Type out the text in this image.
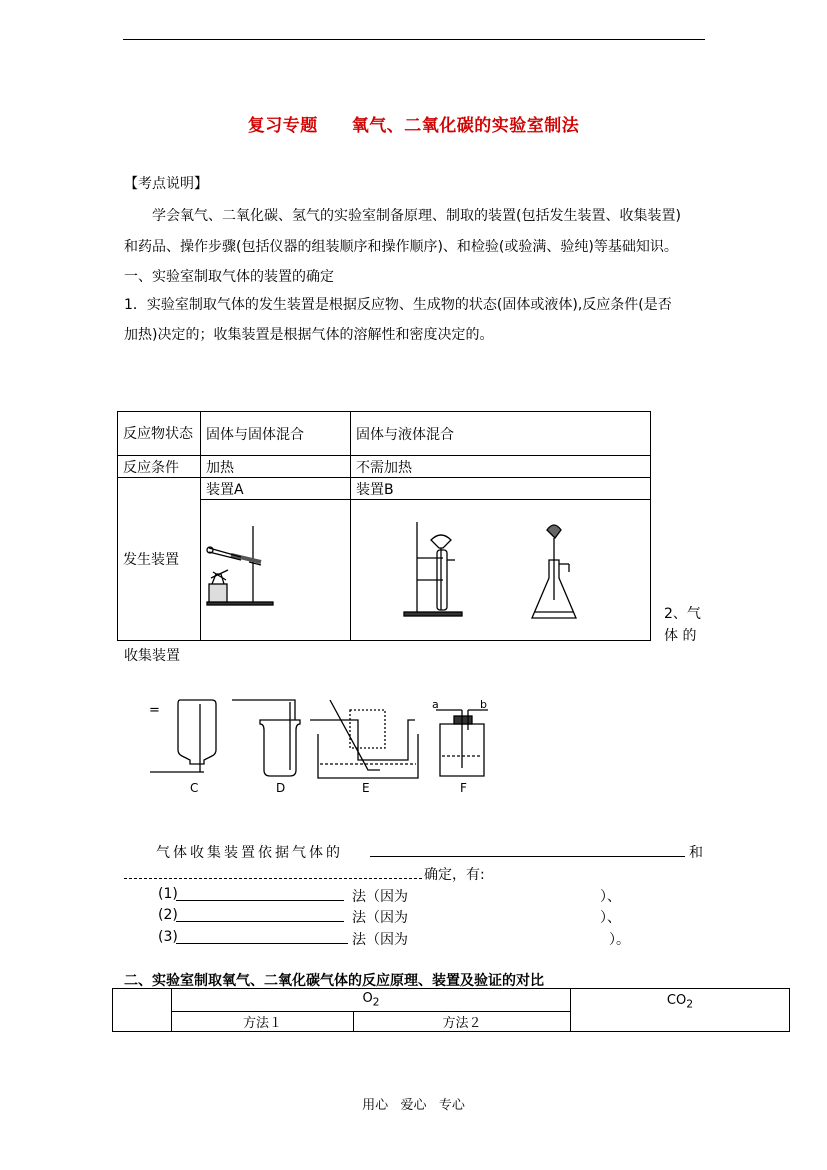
复习专题 氧气、二氧化碳的实验室制法
【考点说明】
学会氧气、二氧化碳、氢气的实验室制备原理、制取的装置(包括发生装置、收集装置)
和药品、操作步骤(包括仪器的组装顺序和操作顺序)、和检验(或验满、验纯)等基础知识。
一、实验室制取气体的装置的确定
1．实验室制取气体的发生装置是根据反应物、生成物的状态(固体或液体),反应条件(是否
加热)决定的；收集装置是根据气体的溶解性和密度决定的。
反应物状态	固体与固体混合	固体与液体混合
反应条件	加热	不需加热
发生装置	装置A	装置B

2、气
体 的
收集装置
=	a	b
C	D	E	F
气体收集装置依据气体的	和
确定，有:
(1)	法（因为	）、
(2)	法（因为	）、
(3)	法（因为	）。
二、实验室制取氧气、二氧化碳气体的反应原理、装置及验证的对比
	$O_2$		$CO_2$
	方法１	方法２	
用心 爱心 专心
